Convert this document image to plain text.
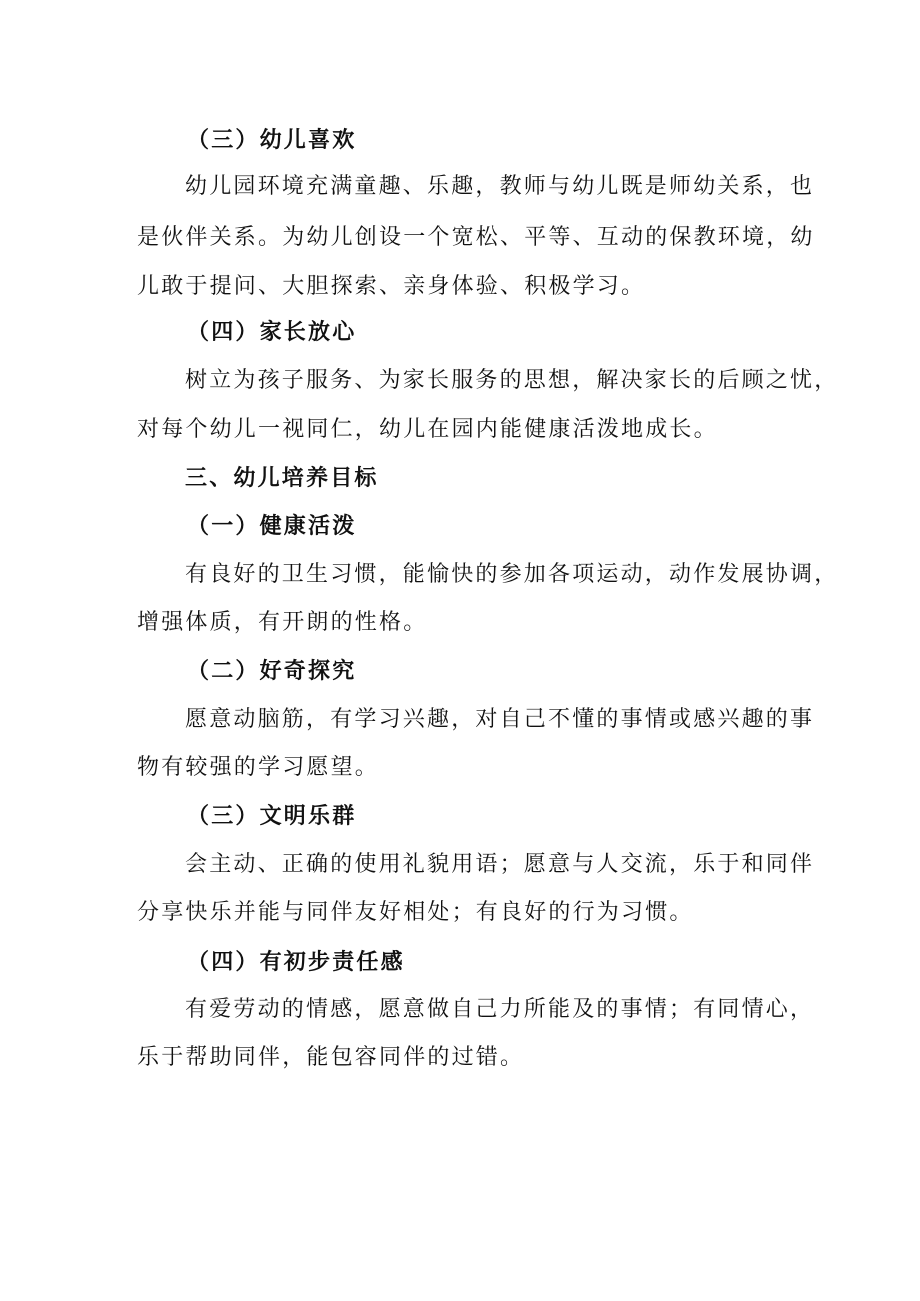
（三）幼儿喜欢
幼儿园环境充满童趣、乐趣，教师与幼儿既是师幼关系，也
是伙伴关系。为幼儿创设一个宽松、平等、互动的保教环境，幼
儿敢于提问、大胆探索、亲身体验、积极学习。
（四）家长放心
树立为孩子服务、为家长服务的思想，解决家长的后顾之忧，
对每个幼儿一视同仁，幼儿在园内能健康活泼地成长。
三、幼儿培养目标
（一）健康活泼
有良好的卫生习惯，能愉快的参加各项运动，动作发展协调，
增强体质，有开朗的性格。
（二）好奇探究
愿意动脑筋，有学习兴趣，对自己不懂的事情或感兴趣的事
物有较强的学习愿望。
（三）文明乐群
会主动、正确的使用礼貌用语；愿意与人交流，乐于和同伴
分享快乐并能与同伴友好相处；有良好的行为习惯。
（四）有初步责任感
有爱劳动的情感，愿意做自己力所能及的事情；有同情心，
乐于帮助同伴，能包容同伴的过错。
